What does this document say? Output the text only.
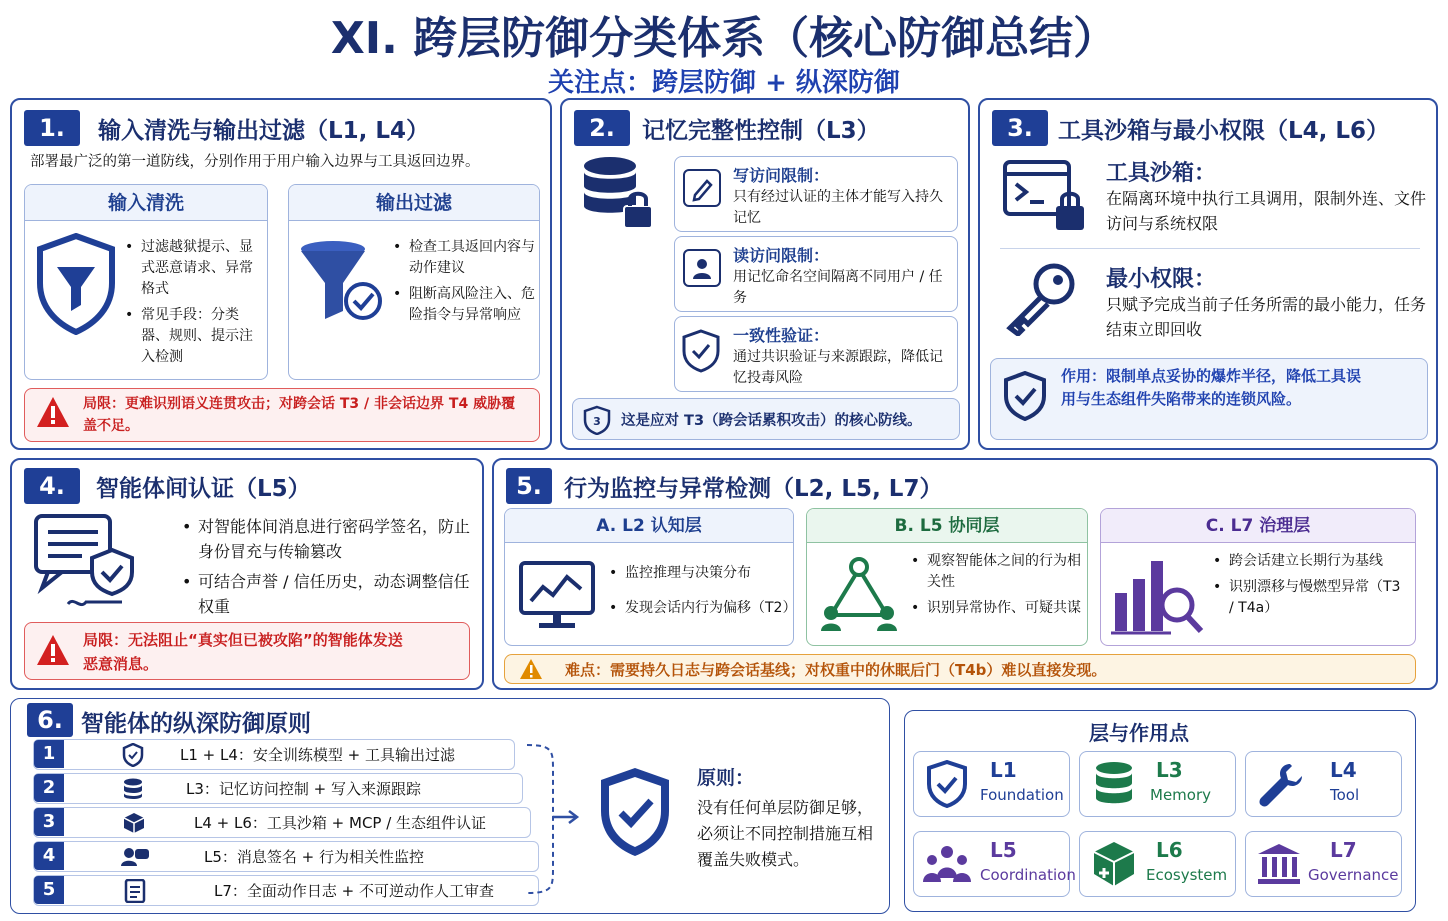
XI. 跨层防御分类体系（核心防御总结）
关注点：跨层防御 + 纵深防御
1.	输入清洗与输出过滤（L1, L4）
部署最广泛的第一道防线，分别作用于用户输入边界与工具返回边界。
输入清洗
• 过滤越狱提示、显式恶意请求、异常格式
• 常见手段：分类器、规则、提示注入检测
输出过滤
• 检查工具返回内容与动作建议
• 阻断高风险注入、危险指令与异常响应
局限：更难识别语义连贯攻击；对跨会话 T3 / 非会话边界 T4 威胁覆盖不足。
2.	记忆完整性控制（L3）
写访问限制：
只有经过认证的主体才能写入持久记忆
读访问限制：
用记忆命名空间隔离不同用户 / 任务
一致性验证：
通过共识验证与来源跟踪，降低记忆投毒风险
3 这是应对 T3（跨会话累积攻击）的核心防线。
3.	工具沙箱与最小权限（L4, L6）
工具沙箱：
在隔离环境中执行工具调用，限制外连、文件访问与系统权限
最小权限：
只赋予完成当前子任务所需的最小能力，任务结束立即回收
作用：限制单点妥协的爆炸半径，降低工具误用与生态组件失陷带来的连锁风险。
4.	智能体间认证（L5）
• 对智能体间消息进行密码学签名，防止身份冒充与传输篡改
• 可结合声誉 / 信任历史，动态调整信任权重
局限：无法阻止“真实但已被攻陷”的智能体发送恶意消息。
5. 行为监控与异常检测（L2, L5, L7）
A. L2 认知层
• 监控推理与决策分布
• 发现会话内行为偏移（T2）
B. L5 协同层
• 观察智能体之间的行为相关性
• 识别异常协作、可疑共谋
C. L7 治理层
• 跨会话建立长期行为基线
• 识别漂移与慢燃型异常（T3 / T4a）
难点：需要持久日志与跨会话基线；对权重中的休眠后门（T4b）难以直接发现。
6. 智能体的纵深防御原则
1	L1 + L4：安全训练模型 + 工具输出过滤
2	L3：记忆访问控制 + 写入来源跟踪
3	L4 + L6：工具沙箱 + MCP / 生态组件认证
4	L5：消息签名 + 行为相关性监控
5	L7：全面动作日志 + 不可逆动作人工审查
原则：
没有任何单层防御足够，必须让不同控制措施互相覆盖失败模式。
层与作用点
L1
Foundation
L3
Memory
L4
Tool
L5
Coordination
L6
Ecosystem
L7
Governance
